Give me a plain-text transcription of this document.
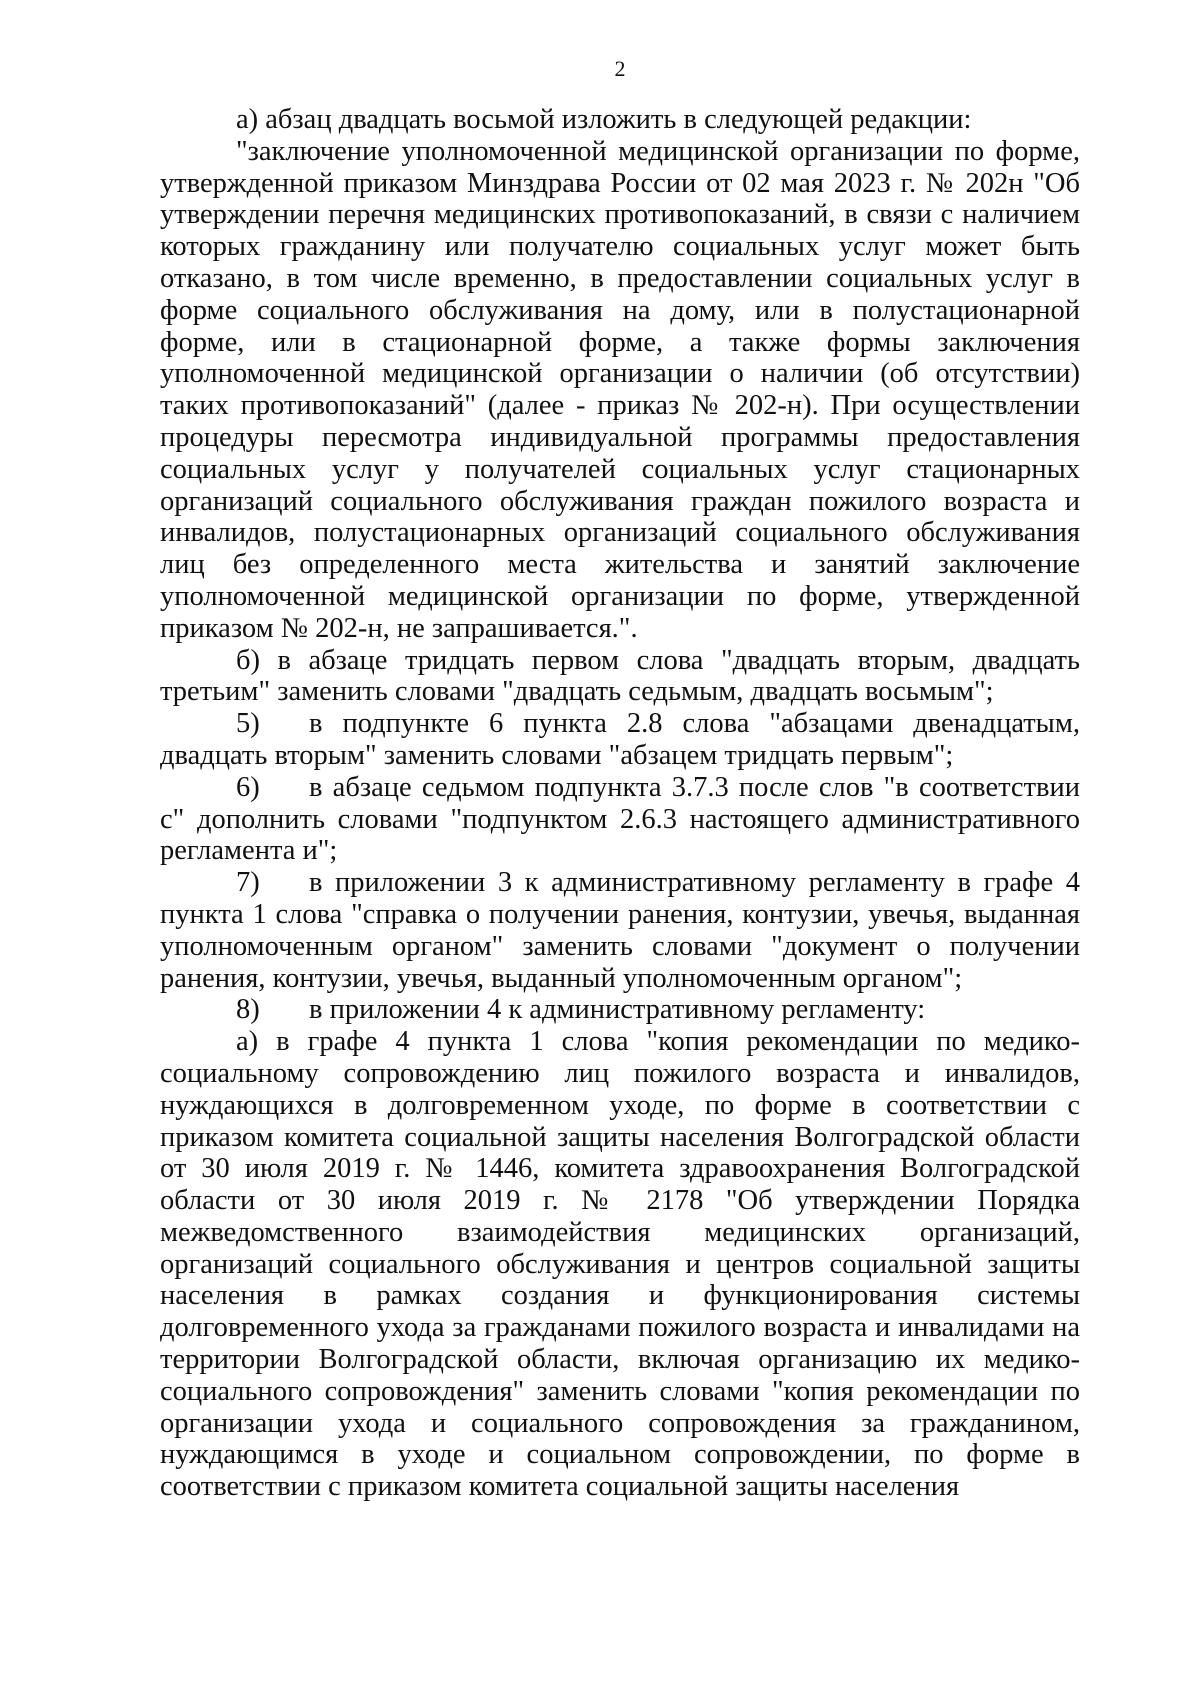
2

а) абзац двадцать восьмой изложить в следующей редакции:

"заключение уполномоченной медицинской организации по форме, утвержденной приказом Минздрава России от 02 мая 2023 г. № 202н "Об утверждении перечня медицинских противопоказаний, в связи с наличием которых гражданину или получателю социальных услуг может быть отказано, в том числе временно, в предоставлении социальных услуг в форме социального обслуживания на дому, или в полустационарной форме, или в стационарной форме, а также формы заключения уполномоченной медицинской организации о наличии (об отсутствии) таких противопоказаний" (далее - приказ № 202-н). При осуществлении процедуры пересмотра индивидуальной программы предоставления социальных услуг у получателей социальных услуг стационарных организаций социального обслуживания граждан пожилого возраста и инвалидов, полустационарных организаций социального обслуживания лиц без определенного места жительства и занятий заключение уполномоченной медицинской организации по форме, утвержденной приказом № 202-н, не запрашивается.".

б) в абзаце тридцать первом слова "двадцать вторым, двадцать третьим" заменить словами "двадцать седьмым, двадцать восьмым";

5) в подпункте 6 пункта 2.8 слова "абзацами двенадцатым, двадцать вторым" заменить словами "абзацем тридцать первым";

6) в абзаце седьмом подпункта 3.7.3 после слов "в соответствии с" дополнить словами "подпунктом 2.6.3 настоящего административного регламента и";

7) в приложении 3 к административному регламенту в графе 4 пункта 1 слова "справка о получении ранения, контузии, увечья, выданная уполномоченным органом" заменить словами "документ о получении ранения, контузии, увечья, выданный уполномоченным органом";

8) в приложении 4 к административному регламенту:

а) в графе 4 пункта 1 слова "копия рекомендации по медико-социальному сопровождению лиц пожилого возраста и инвалидов, нуждающихся в долговременном уходе, по форме в соответствии с приказом комитета социальной защиты населения Волгоградской области от 30 июля 2019 г. № 1446, комитета здравоохранения Волгоградской области от 30 июля 2019 г. № 2178 "Об утверждении Порядка межведомственного взаимодействия медицинских организаций, организаций социального обслуживания и центров социальной защиты населения в рамках создания и функционирования системы долговременного ухода за гражданами пожилого возраста и инвалидами на территории Волгоградской области, включая организацию их медико-социального сопровождения" заменить словами "копия рекомендации по организации ухода и социального сопровождения за гражданином, нуждающимся в уходе и социальном сопровождении, по форме в соответствии с приказом комитета социальной защиты населения
